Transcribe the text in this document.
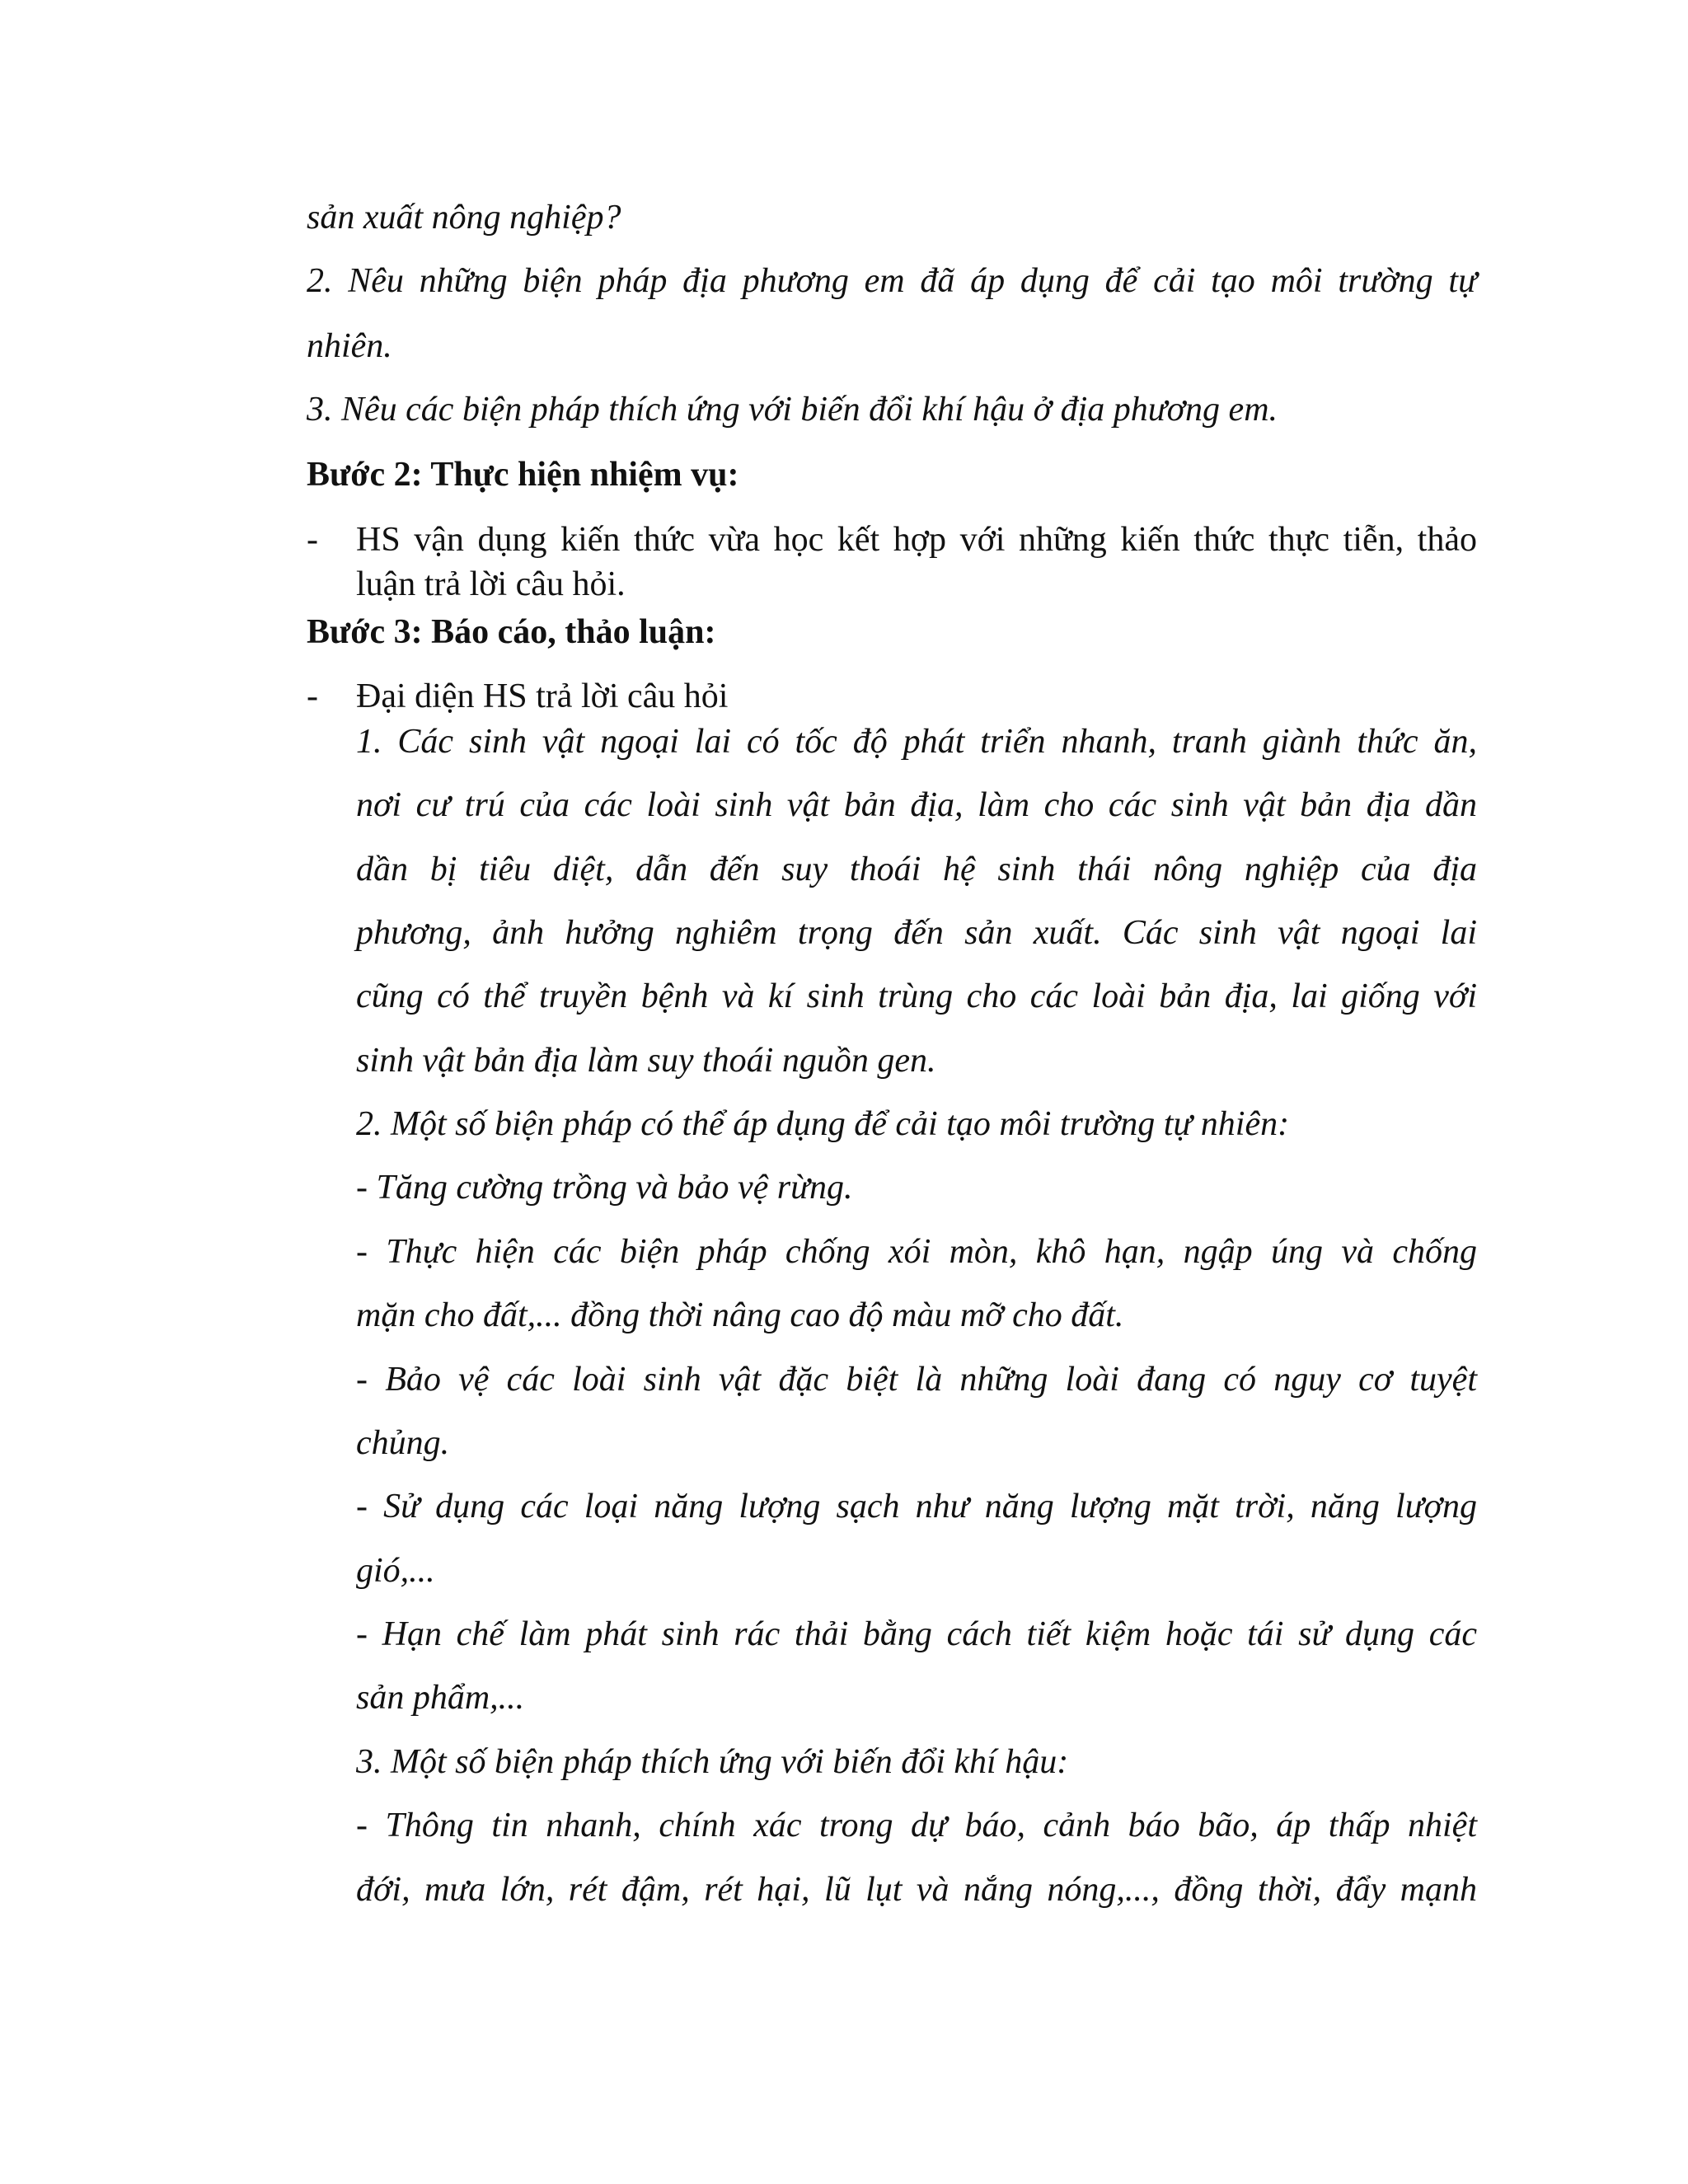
sản xuất nông nghiệp?
2. Nêu những biện pháp địa phương em đã áp dụng để cải tạo môi trường tự
nhiên.
3. Nêu các biện pháp thích ứng với biến đổi khí hậu ở địa phương em.
Bước 2: Thực hiện nhiệm vụ:
- HS vận dụng kiến thức vừa học kết hợp với những kiến thức thực tiễn, thảo
luận trả lời câu hỏi.
Bước 3: Báo cáo, thảo luận:
- Đại diện HS trả lời câu hỏi
1. Các sinh vật ngoại lai có tốc độ phát triển nhanh, tranh giành thức ăn,
nơi cư trú của các loài sinh vật bản địa, làm cho các sinh vật bản địa dần
dần bị tiêu diệt, dẫn đến suy thoái hệ sinh thái nông nghiệp của địa
phương, ảnh hưởng nghiêm trọng đến sản xuất. Các sinh vật ngoại lai
cũng có thể truyền bệnh và kí sinh trùng cho các loài bản địa, lai giống với
sinh vật bản địa làm suy thoái nguồn gen.
2. Một số biện pháp có thể áp dụng để cải tạo môi trường tự nhiên:
- Tăng cường trồng và bảo vệ rừng.
- Thực hiện các biện pháp chống xói mòn, khô hạn, ngập úng và chống
mặn cho đất,... đồng thời nâng cao độ màu mỡ cho đất.
- Bảo vệ các loài sinh vật đặc biệt là những loài đang có nguy cơ tuyệt
chủng.
- Sử dụng các loại năng lượng sạch như năng lượng mặt trời, năng lượng
gió,...
- Hạn chế làm phát sinh rác thải bằng cách tiết kiệm hoặc tái sử dụng các
sản phẩm,...
3. Một số biện pháp thích ứng với biến đổi khí hậu:
- Thông tin nhanh, chính xác trong dự báo, cảnh báo bão, áp thấp nhiệt
đới, mưa lớn, rét đậm, rét hại, lũ lụt và nắng nóng,..., đồng thời, đẩy mạnh
